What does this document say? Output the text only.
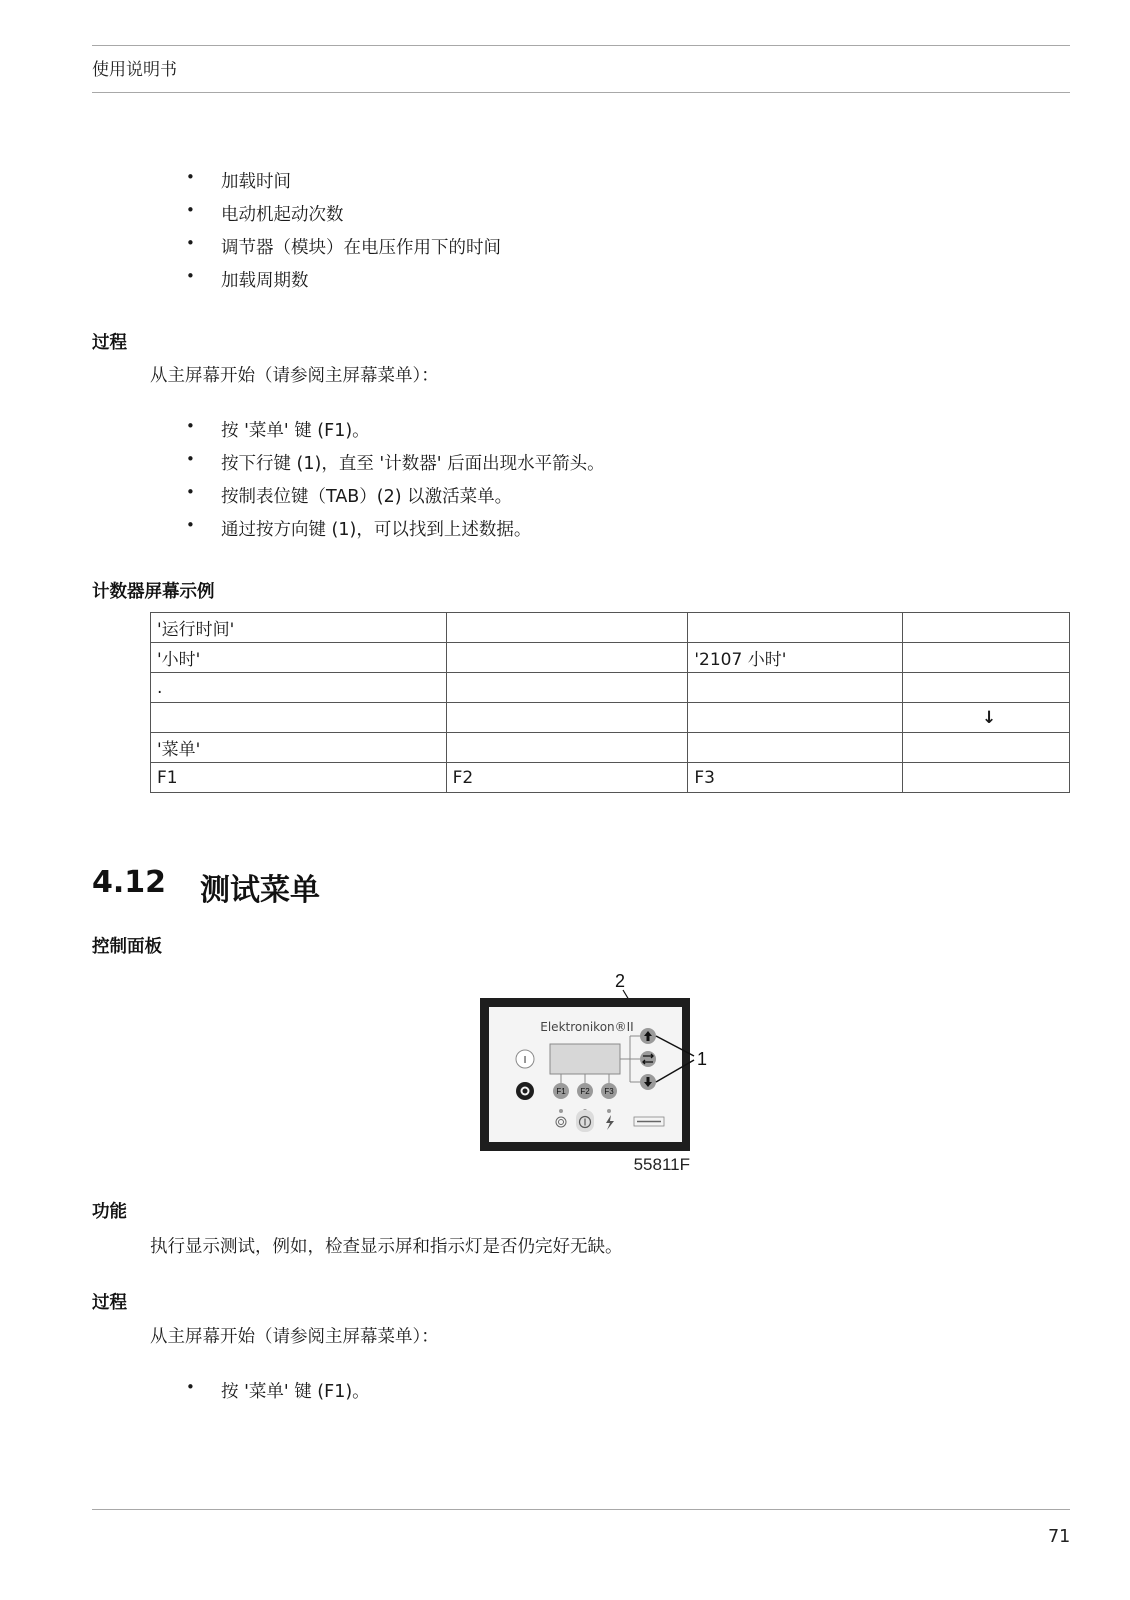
使用说明书
• 加载时间
• 电动机起动次数
• 调节器（模块）在电压作用下的时间
• 加载周期数
过程
从主屏幕开始（请参阅主屏幕菜单）：
• 按 '菜单' 键 (F1)。
• 按下行键 (1)，直至 '计数器' 后面出现水平箭头。
• 按制表位键（TAB）(2) 以激活菜单。
• 通过按方向键 (1)，可以找到上述数据。
计数器屏幕示例
'运行时间'			
'小时'		'2107 小时'	
.			
			↓
'菜单'			
F1	F2	F3	
4.12 测试菜单
控制面板
2
Elektronikon®II
I
F1 F2 F3
1
55811F
功能
执行显示测试，例如，检查显示屏和指示灯是否仍完好无缺。
过程
从主屏幕开始（请参阅主屏幕菜单）：
• 按 '菜单' 键 (F1)。
71
